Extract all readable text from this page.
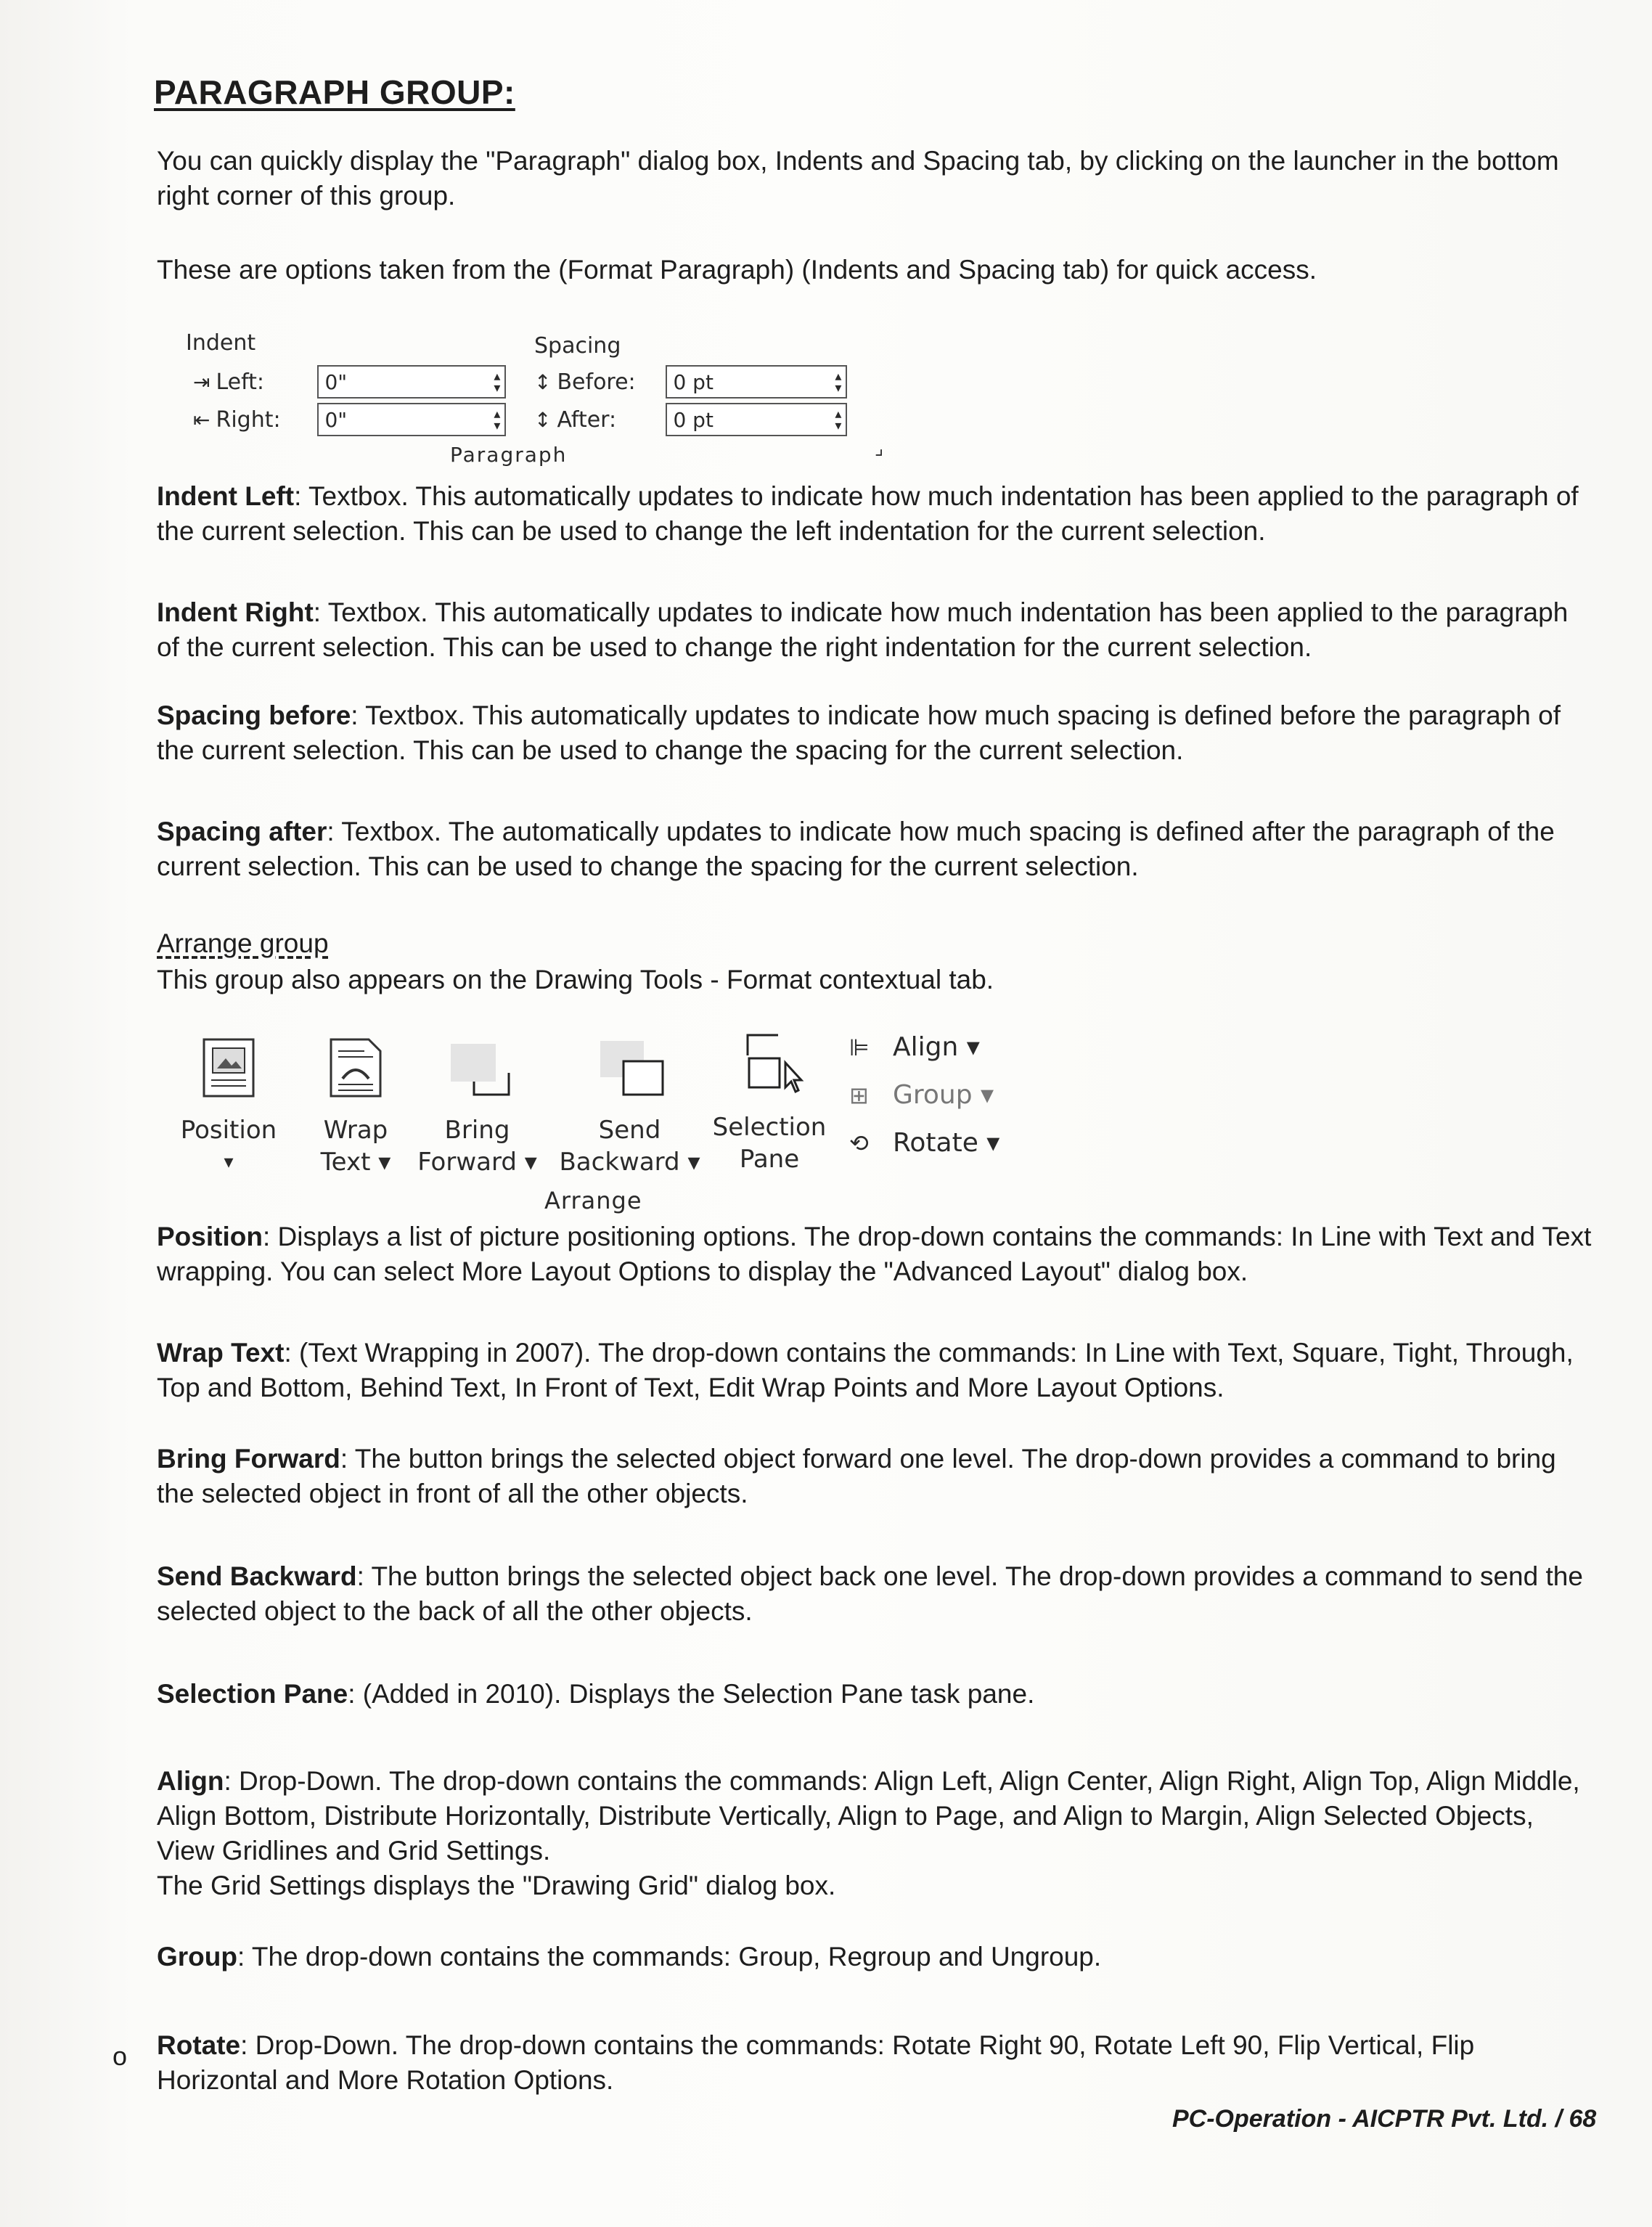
PARAGRAPH GROUP:

You can quickly display the "Paragraph" dialog box, Indents and Spacing tab, by clicking on the launcher in the bottom right corner of this group.

These are options taken from the (Format Paragraph) (Indents and Spacing tab) for quick access.

Indent	Spacing
⇥ Left:	0"	▴
▾
⇤ Right:	0"	▴
▾
↕ Before:	0 pt	▴
▾
↕ After:	0 pt	▴
▾
Paragraph	⌟

Indent Left: Textbox. This automatically updates to indicate how much indentation has been applied to the paragraph of the current selection. This can be used to change the left indentation for the current selection.

Indent Right: Textbox. This automatically updates to indicate how much indentation has been applied to the paragraph of the current selection. This can be used to change the right indentation for the current selection.

Spacing before: Textbox. This automatically updates to indicate how much spacing is defined before the paragraph of the current selection. This can be used to change the spacing for the current selection.

Spacing after: Textbox. The automatically updates to indicate how much spacing is defined after the paragraph of the current selection. This can be used to change the spacing for the current selection.

Arrange group

This group also appears on the Drawing Tools - Format contextual tab.

Position
▾
Wrap
Text ▾
Bring
Forward ▾
Send
Backward ▾
Selection
Pane
⊫ Align ▾
⊞ Group ▾
⟲ Rotate ▾
Arrange

Position: Displays a list of picture positioning options. The drop-down contains the commands: In Line with Text and Text wrapping. You can select More Layout Options to display the "Advanced Layout" dialog box.

Wrap Text: (Text Wrapping in 2007). The drop-down contains the commands: In Line with Text, Square, Tight, Through, Top and Bottom, Behind Text, In Front of Text, Edit Wrap Points and More Layout Options.

Bring Forward: The button brings the selected object forward one level. The drop-down provides a command to bring the selected object in front of all the other objects.

Send Backward: The button brings the selected object back one level. The drop-down provides a command to send the selected object to the back of all the other objects.

Selection Pane: (Added in 2010). Displays the Selection Pane task pane.

Align: Drop-Down. The drop-down contains the commands: Align Left, Align Center, Align Right, Align Top, Align Middle, Align Bottom, Distribute Horizontally, Distribute Vertically, Align to Page, and Align to Margin, Align Selected Objects, View Gridlines and Grid Settings.

The Grid Settings displays the "Drawing Grid" dialog box.

Group: The drop-down contains the commands: Group, Regroup and Ungroup.

Rotate: Drop-Down. The drop-down contains the commands: Rotate Right 90, Rotate Left 90, Flip Vertical, Flip Horizontal and More Rotation Options.

o
PC-Operation - AICPTR Pvt. Ltd. / 68
